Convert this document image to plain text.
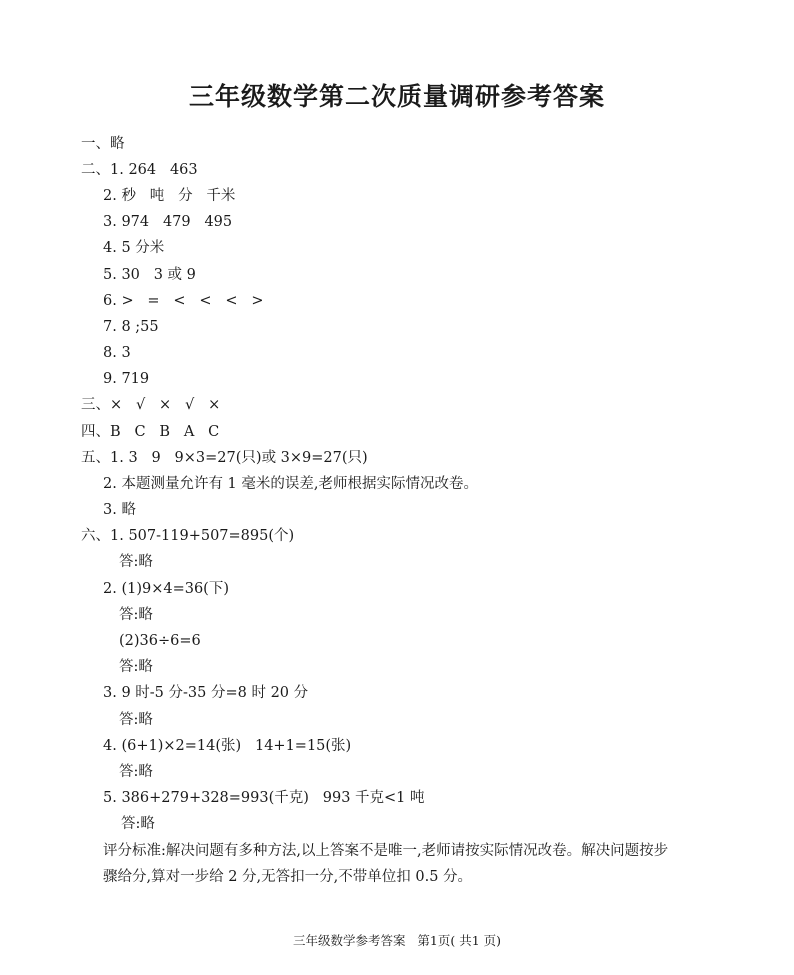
三年级数学第二次质量调研参考答案
一、略
二、1. 264   463
2. 秒   吨   分   千米
3. 974   479   495
4. 5 分米
5. 30   3 或 9
6. >   =   <   <   <   >
7. 8 ;55
8. 3
9. 719
三、×   √   ×   √   ×
四、B   C   B   A   C
五、1. 3   9   9×3=27(只)或 3×9=27(只)
2. 本题测量允许有 1 毫米的误差,老师根据实际情况改卷。
3. 略
六、1. 507-119+507=895(个)
答:略
2. (1)9×4=36(下)
答:略
(2)36÷6=6
答:略
3. 9 时-5 分-35 分=8 时 20 分
答:略
4. (6+1)×2=14(张)   14+1=15(张)
答:略
5. 386+279+328=993(千克)   993 千克<1 吨
答:略
评分标准:解决问题有多种方法,以上答案不是唯一,老师请按实际情况改卷。解决问题按步
骤给分,算对一步给 2 分,无答扣一分,不带单位扣 0.5 分。
三年级数学参考答案   第1页( 共1 页)
